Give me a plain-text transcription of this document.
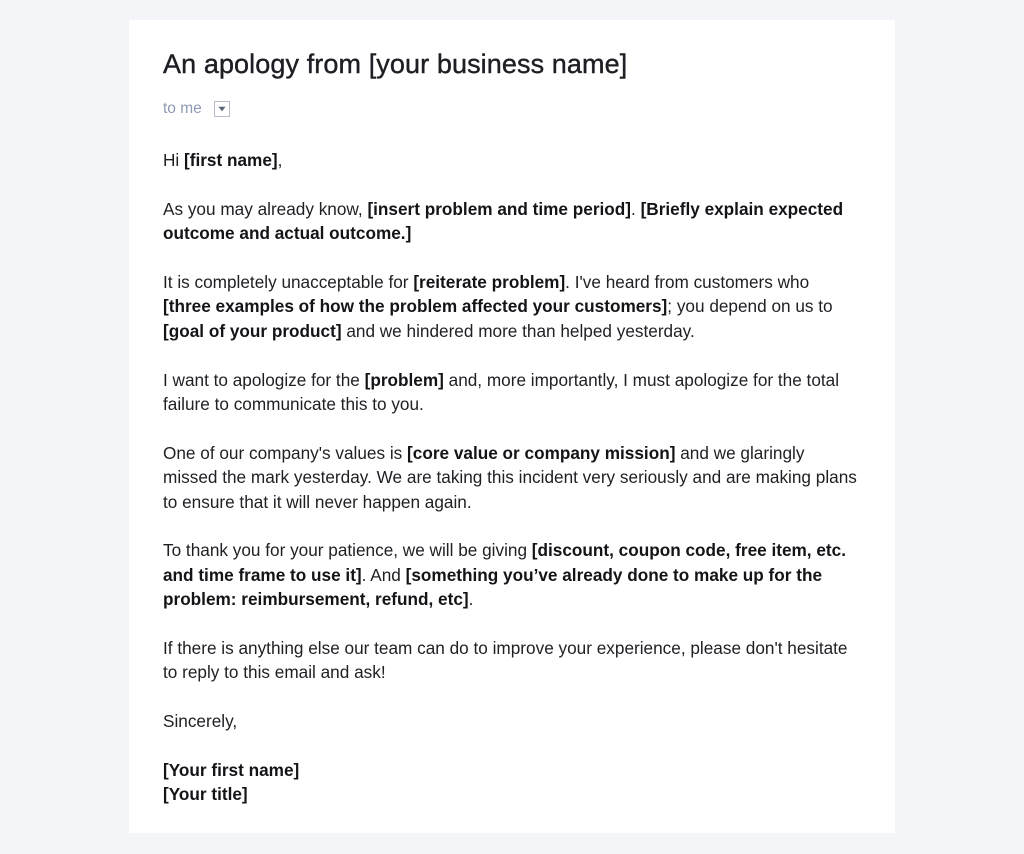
An apology from [your business name]
to me

Hi [first name],

As you may already know, [insert problem and time period]. [Briefly explain expected outcome and actual outcome.]

It is completely unacceptable for [reiterate problem]. I've heard from customers who [three examples of how the problem affected your customers]; you depend on us to [goal of your product] and we hindered more than helped yesterday.

I want to apologize for the [problem] and, more importantly, I must apologize for the total failure to communicate this to you.

One of our company's values is [core value or company mission] and we glaringly missed the mark yesterday. We are taking this incident very seriously and are making plans to ensure that it will never happen again.

To thank you for your patience, we will be giving [discount, coupon code, free item, etc. and time frame to use it]. And [something you’ve already done to make up for the problem: reimbursement, refund, etc].

If there is anything else our team can do to improve your experience, please don't hesitate to reply to this email and ask!

Sincerely,

[Your first name]
[Your title]
